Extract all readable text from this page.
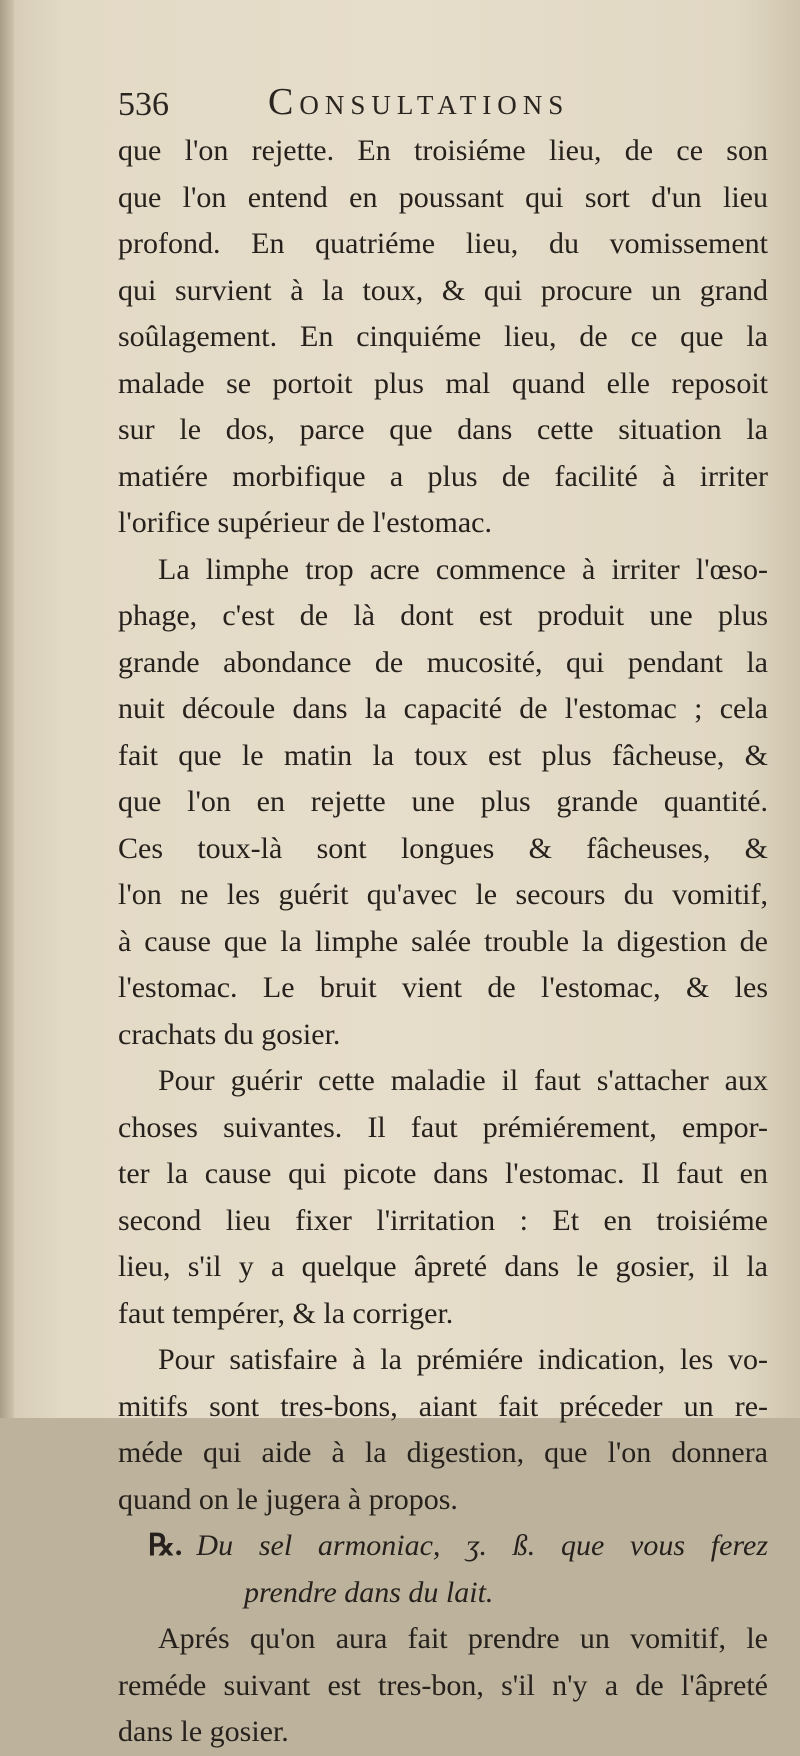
536	Consultations
que l'on rejette. En troisiéme lieu, de ce son
que l'on entend en poussant qui sort d'un lieu
profond. En quatriéme lieu, du vomissement
qui survient à la toux, & qui procure un grand
soûlagement. En cinquiéme lieu, de ce que la
malade se portoit plus mal quand elle reposoit
sur le dos, parce que dans cette situation la
matiére morbifique a plus de facilité à irriter
l'orifice supérieur de l'estomac.
La limphe trop acre commence à irriter l'œso-
phage, c'est de là dont est produit une plus
grande abondance de mucosité, qui pendant la
nuit découle dans la capacité de l'estomac ; cela
fait que le matin la toux est plus fâcheuse, &
que l'on en rejette une plus grande quantité.
Ces toux-là sont longues & fâcheuses, &
l'on ne les guérit qu'avec le secours du vomitif,
à cause que la limphe salée trouble la digestion de
l'estomac. Le bruit vient de l'estomac, & les
crachats du gosier.
Pour guérir cette maladie il faut s'attacher aux
choses suivantes. Il faut prémiérement, empor-
ter la cause qui picote dans l'estomac. Il faut en
second lieu fixer l'irritation : Et en troisiéme
lieu, s'il y a quelque âpreté dans le gosier, il la
faut tempérer, & la corriger.
Pour satisfaire à la prémiére indication, les vo-
mitifs sont tres-bons, aiant fait préceder un re-
méde qui aide à la digestion, que l'on donnera
quand on le jugera à propos.
℞. Du sel armoniac, ʒ. ß. que vous ferez
prendre dans du lait.
Aprés qu'on aura fait prendre un vomitif, le
reméde suivant est tres-bon, s'il n'y a de l'âpreté
dans le gosier.
